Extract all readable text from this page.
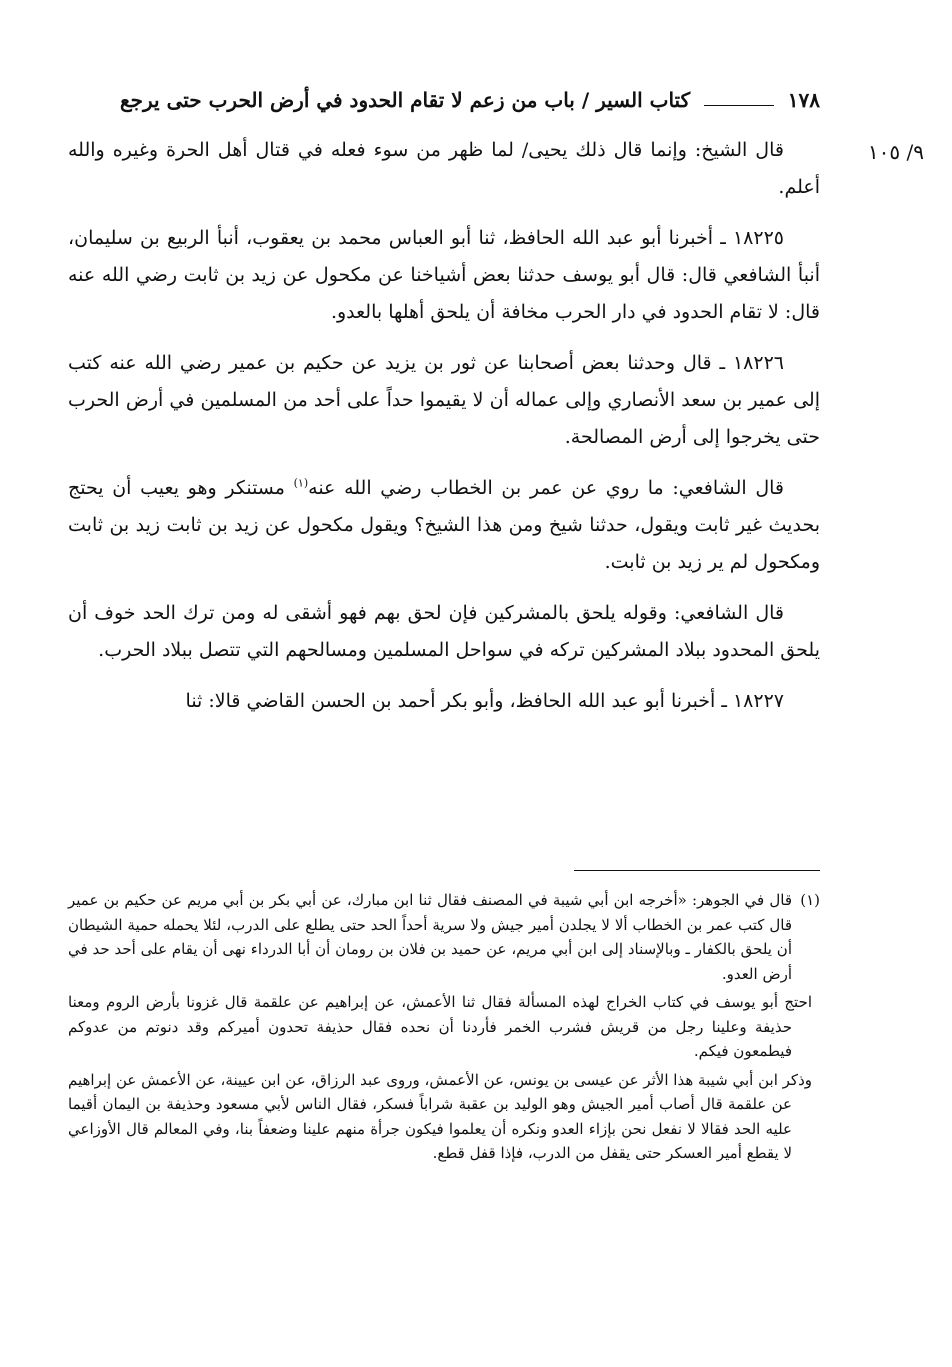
١٧٨
كتاب السير / باب من زعم لا تقام الحدود في أرض الحرب حتى يرجع
٩/ ١٠٥

قال الشيخ: وإنما قال ذلك يحيى/ لما ظهر من سوء فعله في قتال أهل الحرة وغيره والله أعلم.

١٨٢٢٥ ـ أخبرنا أبو عبد الله الحافظ، ثنا أبو العباس محمد بن يعقوب، أنبأ الربيع بن سليمان، أنبأ الشافعي قال: قال أبو يوسف حدثنا بعض أشياخنا عن مكحول عن زيد بن ثابت رضي الله عنه قال: لا تقام الحدود في دار الحرب مخافة أن يلحق أهلها بالعدو.

١٨٢٢٦ ـ قال وحدثنا بعض أصحابنا عن ثور بن يزيد عن حكيم بن عمير رضي الله عنه كتب إلى عمير بن سعد الأنصاري وإلى عماله أن لا يقيموا حداً على أحد من المسلمين في أرض الحرب حتى يخرجوا إلى أرض المصالحة.

قال الشافعي: ما روي عن عمر بن الخطاب رضي الله عنه$^{(١)}$ مستنكر وهو يعيب أن يحتج بحديث غير ثابت ويقول، حدثنا شيخ ومن هذا الشيخ؟ ويقول مكحول عن زيد بن ثابت زيد بن ثابت ومكحول لم ير زيد بن ثابت.

قال الشافعي: وقوله يلحق بالمشركين فإن لحق بهم فهو أشقى له ومن ترك الحد خوف أن يلحق المحدود ببلاد المشركين تركه في سواحل المسلمين ومسالحهم التي تتصل ببلاد الحرب.

١٨٢٢٧ ـ أخبرنا أبو عبد الله الحافظ، وأبو بكر أحمد بن الحسن القاضي قالا: ثنا

(١)قال في الجوهر: «أخرجه ابن أبي شيبة في المصنف فقال ثنا ابن مبارك، عن أبي بكر بن أبي مريم عن حكيم بن عمير قال كتب عمر بن الخطاب ألا لا يجلدن أمير جيش ولا سرية أحداً الحد حتى يطلع على الدرب، لئلا يحمله حمية الشيطان أن يلحق بالكفار ـ وبالإسناد إلى ابن أبي مريم، عن حميد بن فلان بن رومان أن أبا الدرداء نهى أن يقام على أحد حد في أرض العدو.

احتج أبو يوسف في كتاب الخراج لهذه المسألة فقال ثنا الأعمش، عن إبراهيم عن علقمة قال غزونا بأرض الروم ومعنا حذيفة وعلينا رجل من قريش فشرب الخمر فأردنا أن نحده فقال حذيفة تحدون أميركم وقد دنوتم من عدوكم فيطمعون فيكم.

وذكر ابن أبي شيبة هذا الأثر عن عيسى بن يونس، عن الأعمش، وروى عبد الرزاق، عن ابن عيينة، عن الأعمش عن إبراهيم عن علقمة قال أصاب أمير الجيش وهو الوليد بن عقبة شراباً فسكر، فقال الناس لأبي مسعود وحذيفة بن اليمان أقيما عليه الحد فقالا لا نفعل نحن بإزاء العدو ونكره أن يعلموا فيكون جرأة منهم علينا وضعفاً بنا، وفي المعالم قال الأوزاعي لا يقطع أمير العسكر حتى يقفل من الدرب، فإذا قفل قطع.
